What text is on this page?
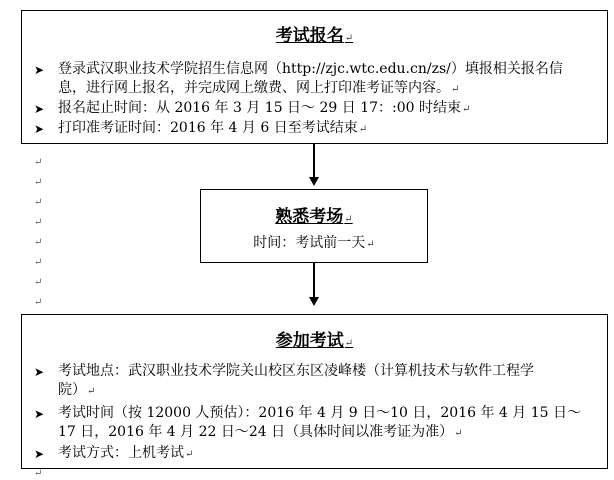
考试报名↵
➤ 登录武汉职业技术学院招生信息网（http://zjc.wtc.edu.cn/zs/）填报相关报名信
息，进行网上报名，并完成网上缴费、网上打印准考证等内容。↵
➤ 报名起止时间：从 2016 年 3 月 15 日～ 29 日 17：:00 时结束↵
➤ 打印准考证时间：2016 年 4 月 6 日至考试结束↵
↵
↵
↵
↵
↵
↵
↵
↵
熟悉考场↵
时间：考试前一天↵
参加考试↵
➤ 考试地点：武汉职业技术学院关山校区东区凌峰楼（计算机技术与软件工程学
院）↵
➤ 考试时间（按 12000 人预估）：2016 年 4 月 9 日～10 日，2016 年 4 月 15 日～
17 日，2016 年 4 月 22 日～24 日（具体时间以准考证为准）↵
➤ 考试方式：上机考试↵
↵
